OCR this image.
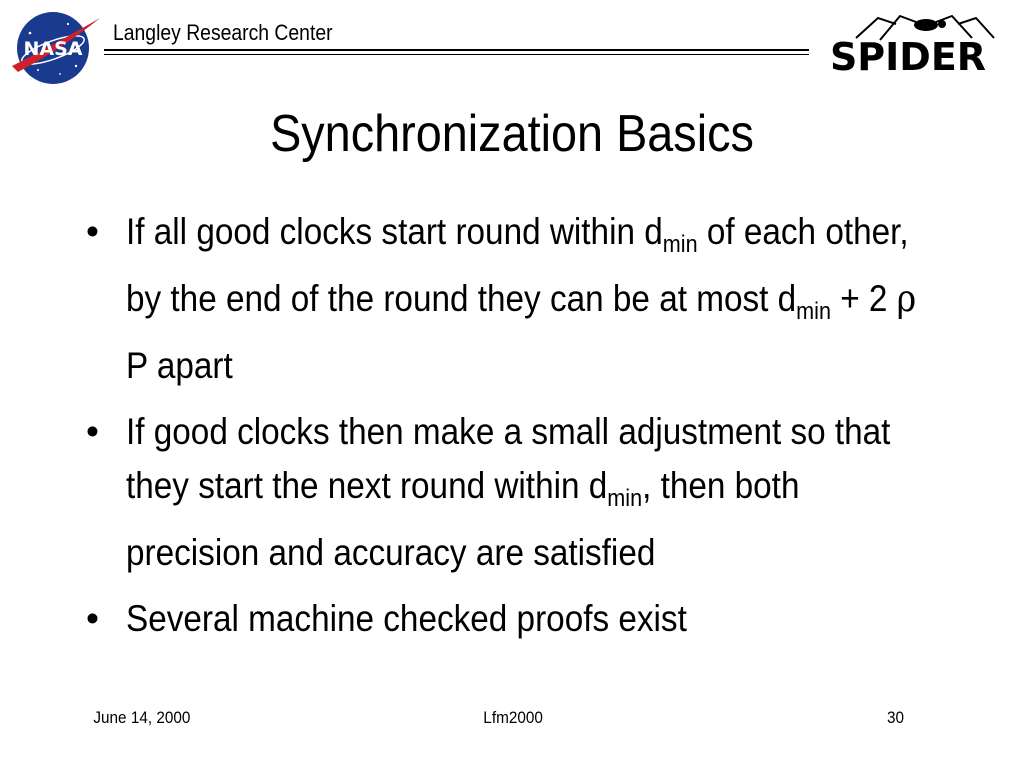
NASA
Langley Research Center
SPIDER
Synchronization Basics
• If all good clocks start round within $d_{min}$ of each other, by the end of the round they can be at most $d_{min} + 2$ ρ P apart
• If good clocks then make a small adjustment so that they start the next round within $d_{min}$, then both precision and accuracy are satisfied
• Several machine checked proofs exist
June 14, 2000	Lfm2000	30
